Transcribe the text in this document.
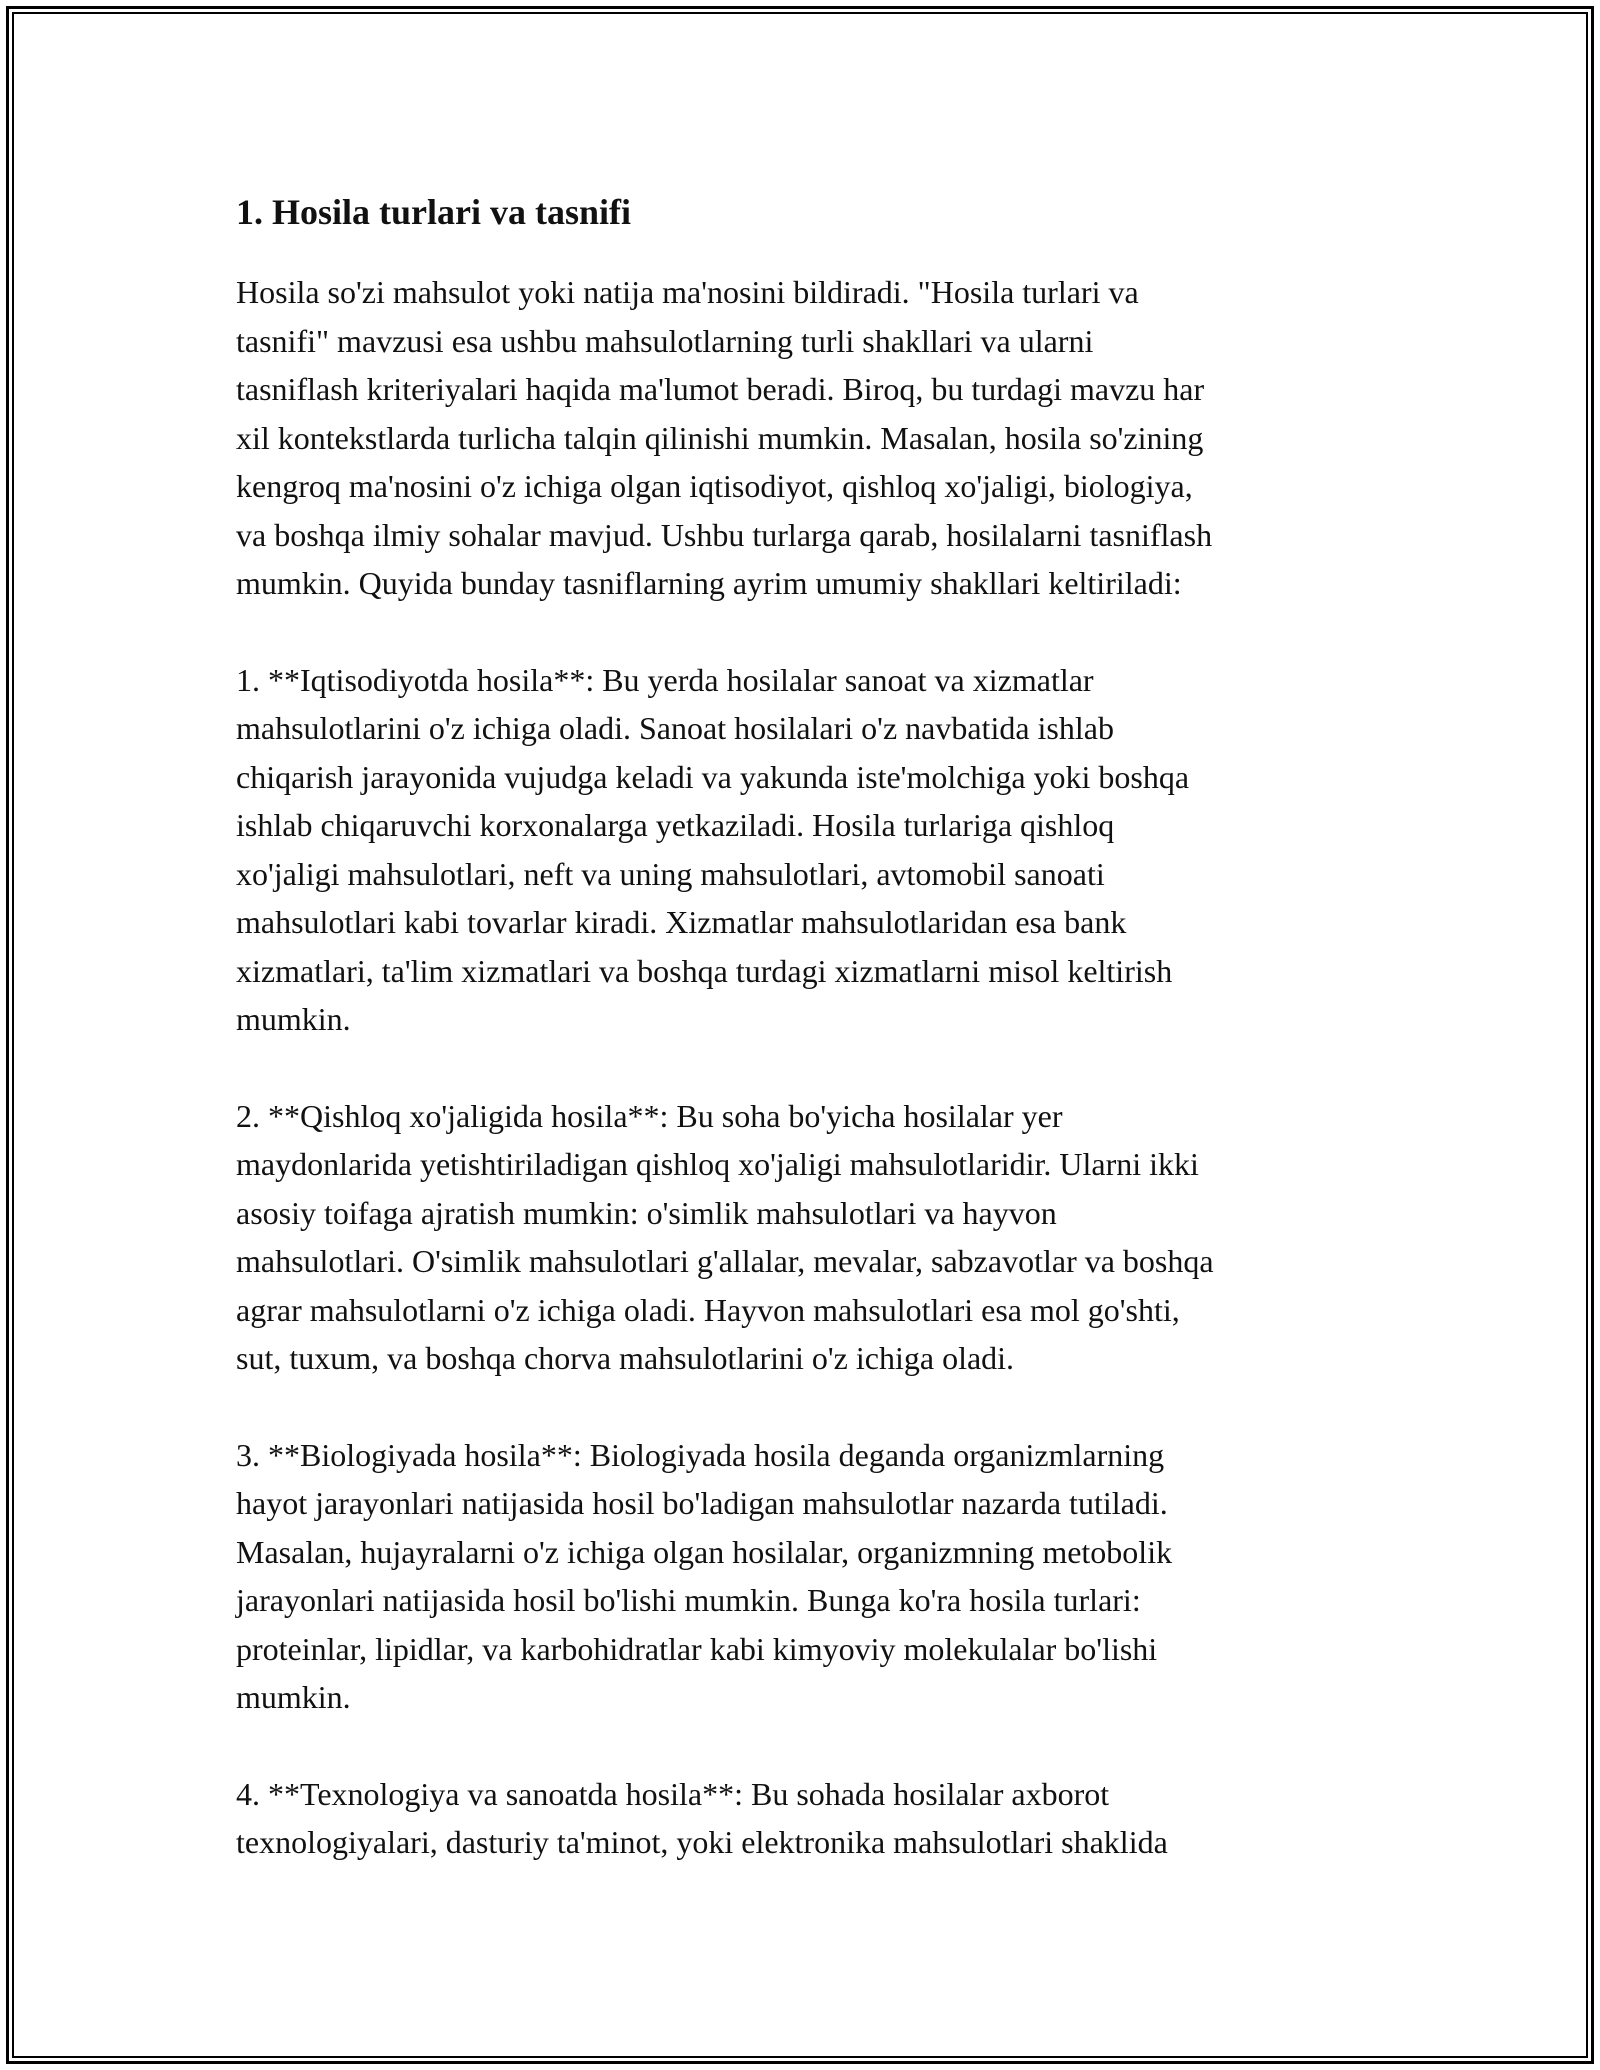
1. Hosila turlari va tasnifi

Hosila so'zi mahsulot yoki natija ma'nosini bildiradi. "Hosila turlari va
tasnifi" mavzusi esa ushbu mahsulotlarning turli shakllari va ularni
tasniflash kriteriyalari haqida ma'lumot beradi. Biroq, bu turdagi mavzu har
xil kontekstlarda turlicha talqin qilinishi mumkin. Masalan, hosila so'zining
kengroq ma'nosini o'z ichiga olgan iqtisodiyot, qishloq xo'jaligi, biologiya,
va boshqa ilmiy sohalar mavjud. Ushbu turlarga qarab, hosilalarni tasniflash
mumkin. Quyida bunday tasniflarning ayrim umumiy shakllari keltiriladi:

1. **Iqtisodiyotda hosila**: Bu yerda hosilalar sanoat va xizmatlar
mahsulotlarini o'z ichiga oladi. Sanoat hosilalari o'z navbatida ishlab
chiqarish jarayonida vujudga keladi va yakunda iste'molchiga yoki boshqa
ishlab chiqaruvchi korxonalarga yetkaziladi. Hosila turlariga qishloq
xo'jaligi mahsulotlari, neft va uning mahsulotlari, avtomobil sanoati
mahsulotlari kabi tovarlar kiradi. Xizmatlar mahsulotlaridan esa bank
xizmatlari, ta'lim xizmatlari va boshqa turdagi xizmatlarni misol keltirish
mumkin.

2. **Qishloq xo'jaligida hosila**: Bu soha bo'yicha hosilalar yer
maydonlarida yetishtiriladigan qishloq xo'jaligi mahsulotlaridir. Ularni ikki
asosiy toifaga ajratish mumkin: o'simlik mahsulotlari va hayvon
mahsulotlari. O'simlik mahsulotlari g'allalar, mevalar, sabzavotlar va boshqa
agrar mahsulotlarni o'z ichiga oladi. Hayvon mahsulotlari esa mol go'shti,
sut, tuxum, va boshqa chorva mahsulotlarini o'z ichiga oladi.

3. **Biologiyada hosila**: Biologiyada hosila deganda organizmlarning
hayot jarayonlari natijasida hosil bo'ladigan mahsulotlar nazarda tutiladi.
Masalan, hujayralarni o'z ichiga olgan hosilalar, organizmning metobolik
jarayonlari natijasida hosil bo'lishi mumkin. Bunga ko'ra hosila turlari:
proteinlar, lipidlar, va karbohidratlar kabi kimyoviy molekulalar bo'lishi
mumkin.

4. **Texnologiya va sanoatda hosila**: Bu sohada hosilalar axborot
texnologiyalari, dasturiy ta'minot, yoki elektronika mahsulotlari shaklida
